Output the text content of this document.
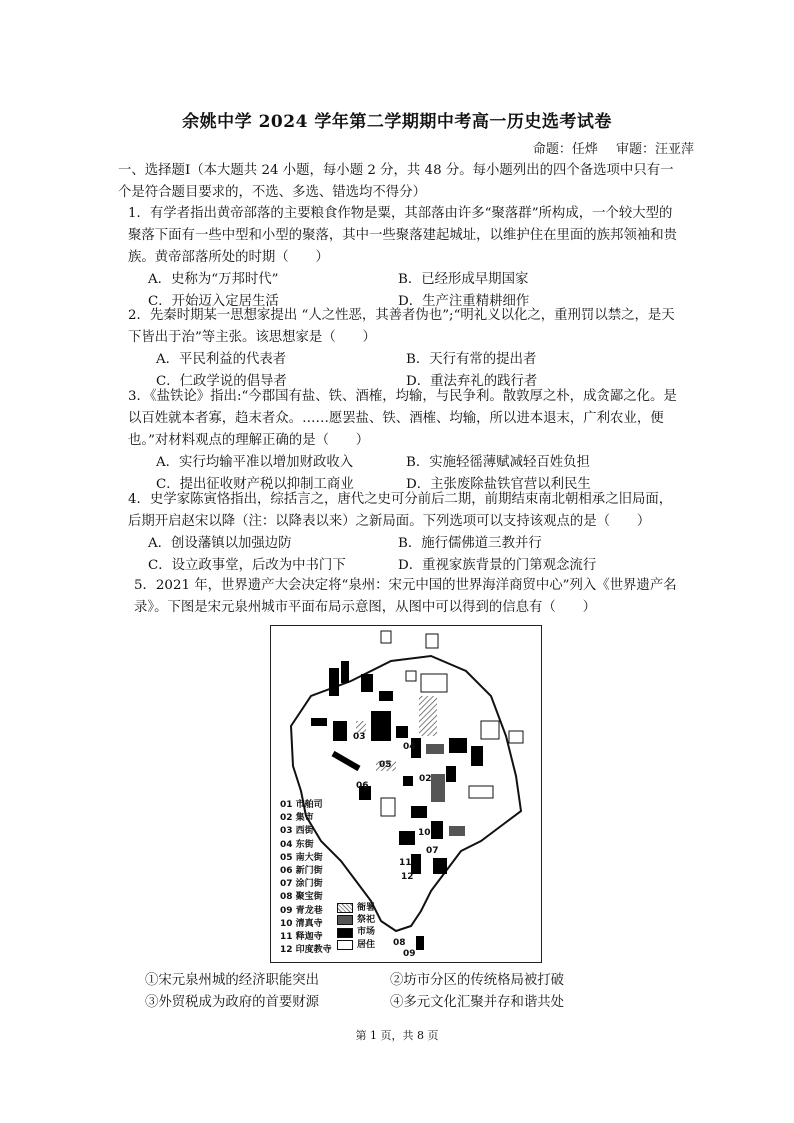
余姚中学 2024 学年第二学期期中考高一历史选考试卷
命题：任烨 审题：汪亚萍
一、选择题Ⅰ（本大题共 24 小题，每小题 2 分，共 48 分。每小题列出的四个备选项中只有一个是符合题目要求的，不选、多选、错选均不得分）
1．有学者指出黄帝部落的主要粮食作物是粟，其部落由许多“聚落群”所构成，一个较大型的聚落下面有一些中型和小型的聚落，其中一些聚落建起城址，以维护住在里面的族邦领袖和贵族。黄帝部落所处的时期（　　）
A．史称为“万邦时代”	B．已经形成早期国家
C．开始迈入定居生活	D．生产注重精耕细作
2．先秦时期某一思想家提出 “人之性恶，其善者伪也”;“明礼义以化之，重刑罚以禁之，是天下皆出于治”等主张。该思想家是（　　）
A．平民利益的代表者	B．天行有常的提出者
C．仁政学说的倡导者	D．重法弃礼的践行者
3．《盐铁论》指出:“今郡国有盐、铁、酒榷，均输，与民争利。散敦厚之朴，成贪鄙之化。是以百姓就本者寡，趋末者众。……愿罢盐、铁、酒榷、均输，所以进本退末，广利农业，便也。”对材料观点的理解正确的是（　　）
A．实行均输平准以增加财政收入	B．实施轻徭薄赋减轻百姓负担
C．提出征收财产税以抑制工商业	D．主张废除盐铁官营以利民生
4．史学家陈寅恪指出，综括言之，唐代之史可分前后二期，前期结束南北朝相承之旧局面，后期开启赵宋以降（注：以降表以来）之新局面。下列选项可以支持该观点的是（　　）
A．创设藩镇以加强边防	B．施行儒佛道三教并行
C．设立政事堂，后改为中书门下	D．重视家族背景的门第观念流行
5．2021 年，世界遗产大会决定将“泉州：宋元中国的世界海洋商贸中心”列入《世界遗产名录》。下图是宋元泉州城市平面布局示意图，从图中可以得到的信息有（　　）
03
04
05
02
06
10
07
11
12
08
09
01 市舶司
02 集市
03 西街
04 东街
05 南大街
06 新门街
07 涂门街
08 聚宝街
09 青龙巷
10 清真寺
11 释迦寺
12 印度教寺
衙署
祭祀
市场
居住
①宋元泉州城的经济职能突出	②坊市分区的传统格局被打破
③外贸税成为政府的首要财源	④多元文化汇聚并存和谐共处
第 1 页，共 8 页
